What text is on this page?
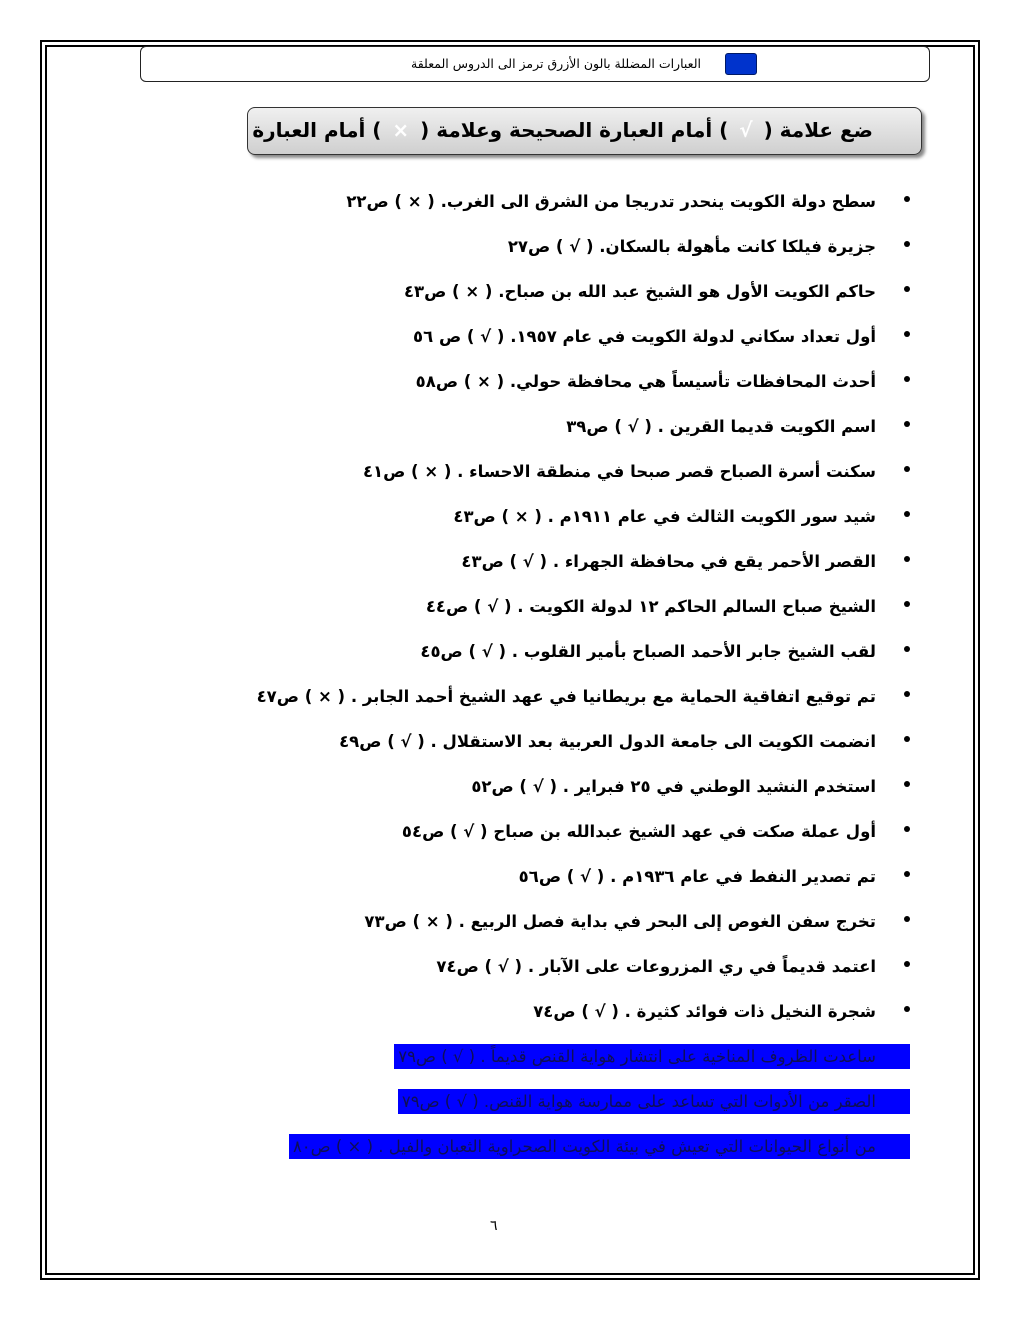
العبارات المضللة بالون الأزرق ترمز الى الدروس المعلقة
ضع علامة ( √ ) أمام العبارة الصحيحة وعلامة ( × ) أمام العبارة
سطح دولة الكويت ينحدر تدريجا من الشرق الى الغرب. ( × ) ص٢٢
جزيرة فيلكا كانت مأهولة بالسكان. ( √ ) ص٢٧
حاكم الكويت الأول هو الشيخ عبد الله بن صباح. ( × ) ص٤٣
أول تعداد سكاني لدولة الكويت في عام ١٩٥٧. ( √ ) ص ٥٦
أحدث المحافظات تأسيساً هي محافظة حولي. ( × ) ص٥٨
اسم الكويت قديما القرين . ( √ ) ص٣٩
سكنت أسرة الصباح قصر صبحا في منطقة الاحساء . ( × ) ص٤١
شيد سور الكويت الثالث في عام ١٩١١م . ( × ) ص٤٣
القصر الأحمر يقع في محافظة الجهراء . ( √ ) ص٤٣
الشيخ صباح السالم الحاكم ١٢ لدولة الكويت . ( √ ) ص٤٤
لقب الشيخ جابر الأحمد الصباح بأمير القلوب . ( √ ) ص٤٥
تم توقيع اتفاقية الحماية مع بريطانيا في عهد الشيخ أحمد الجابر . ( × ) ص٤٧
انضمت الكويت الى جامعة الدول العربية بعد الاستقلال . ( √ ) ص٤٩
استخدم النشيد الوطني في ٢٥ فبراير . ( √ ) ص٥٢
أول عملة صكت في عهد الشيخ عبدالله بن صباح ( √ ) ص٥٤
تم تصدير النفط في عام ١٩٣٦م . ( √ ) ص٥٦
تخرج سفن الغوص إلى البحر في بداية فصل الربيع . ( × ) ص٧٣
اعتمد قديماً في ري المزروعات على الآبار . ( √ ) ص٧٤
شجرة النخيل ذات فوائد كثيرة . ( √ ) ص٧٤
ساعدت الظروف المناخية على انتشار هواية القنص قديماً . ( √ ) ص٧٩
الصقر من الأدوات التي تساعد على ممارسة هواية القنص. ( √ ) ص٧٩
من أنواع الحيوانات التي تعيش في بيئة الكويت الصحراوية الثعبان والفيل . ( × ) ص٨٠
٦
